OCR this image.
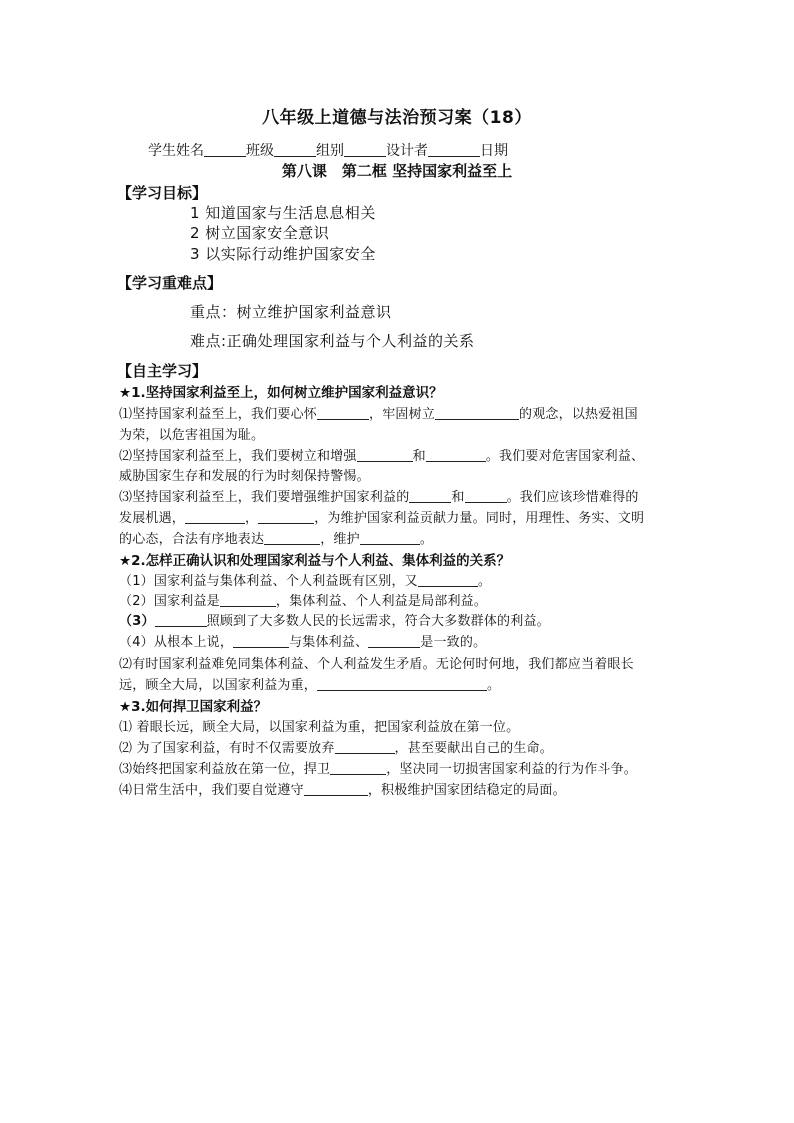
八年级上道德与法治预习案（18）
学生姓名	班级	组别	设计者	日期
第八课　第二框 坚持国家利益至上
【学习目标】
1 知道国家与生活息息相关
2 树立国家安全意识
3 以实际行动维护国家安全
【学习重难点】
重点：树立维护国家利益意识
难点:正确处理国家利益与个人利益的关系
【自主学习】
★1.坚持国家利益至上，如何树立维护国家利益意识？
⑴坚持国家利益至上，我们要心怀	，牢固树立	的观念，以热爱祖国
为荣，以危害祖国为耻。
⑵坚持国家利益至上，我们要树立和增强	和	。我们要对危害国家利益、
威胁国家生存和发展的行为时刻保持警惕。
⑶坚持国家利益至上，我们要增强维护国家利益的	和	。我们应该珍惜难得的
发展机遇，	，	，为维护国家利益贡献力量。同时，用理性、务实、文明
的心态，合法有序地表达	，维护	。
★2.怎样正确认识和处理国家利益与个人利益、集体利益的关系？
（1）国家利益与集体利益、个人利益既有区别，又	。
（2）国家利益是	，集体利益、个人利益是局部利益。
（3）	照顾到了大多数人民的长远需求，符合大多数群体的利益。
（4）从根本上说，	与集体利益、	是一致的。
⑵有时国家利益难免同集体利益、个人利益发生矛盾。无论何时何地，我们都应当着眼长
远，顾全大局，以国家利益为重，	。
★3.如何捍卫国家利益？
⑴ 着眼长远，顾全大局，以国家利益为重，把国家利益放在第一位。
⑵ 为了国家利益，有时不仅需要放弃	，甚至要献出自己的生命。
⑶始终把国家利益放在第一位，捍卫	，坚决同一切损害国家利益的行为作斗争。
⑷日常生活中，我们要自觉遵守	，积极维护国家团结稳定的局面。
